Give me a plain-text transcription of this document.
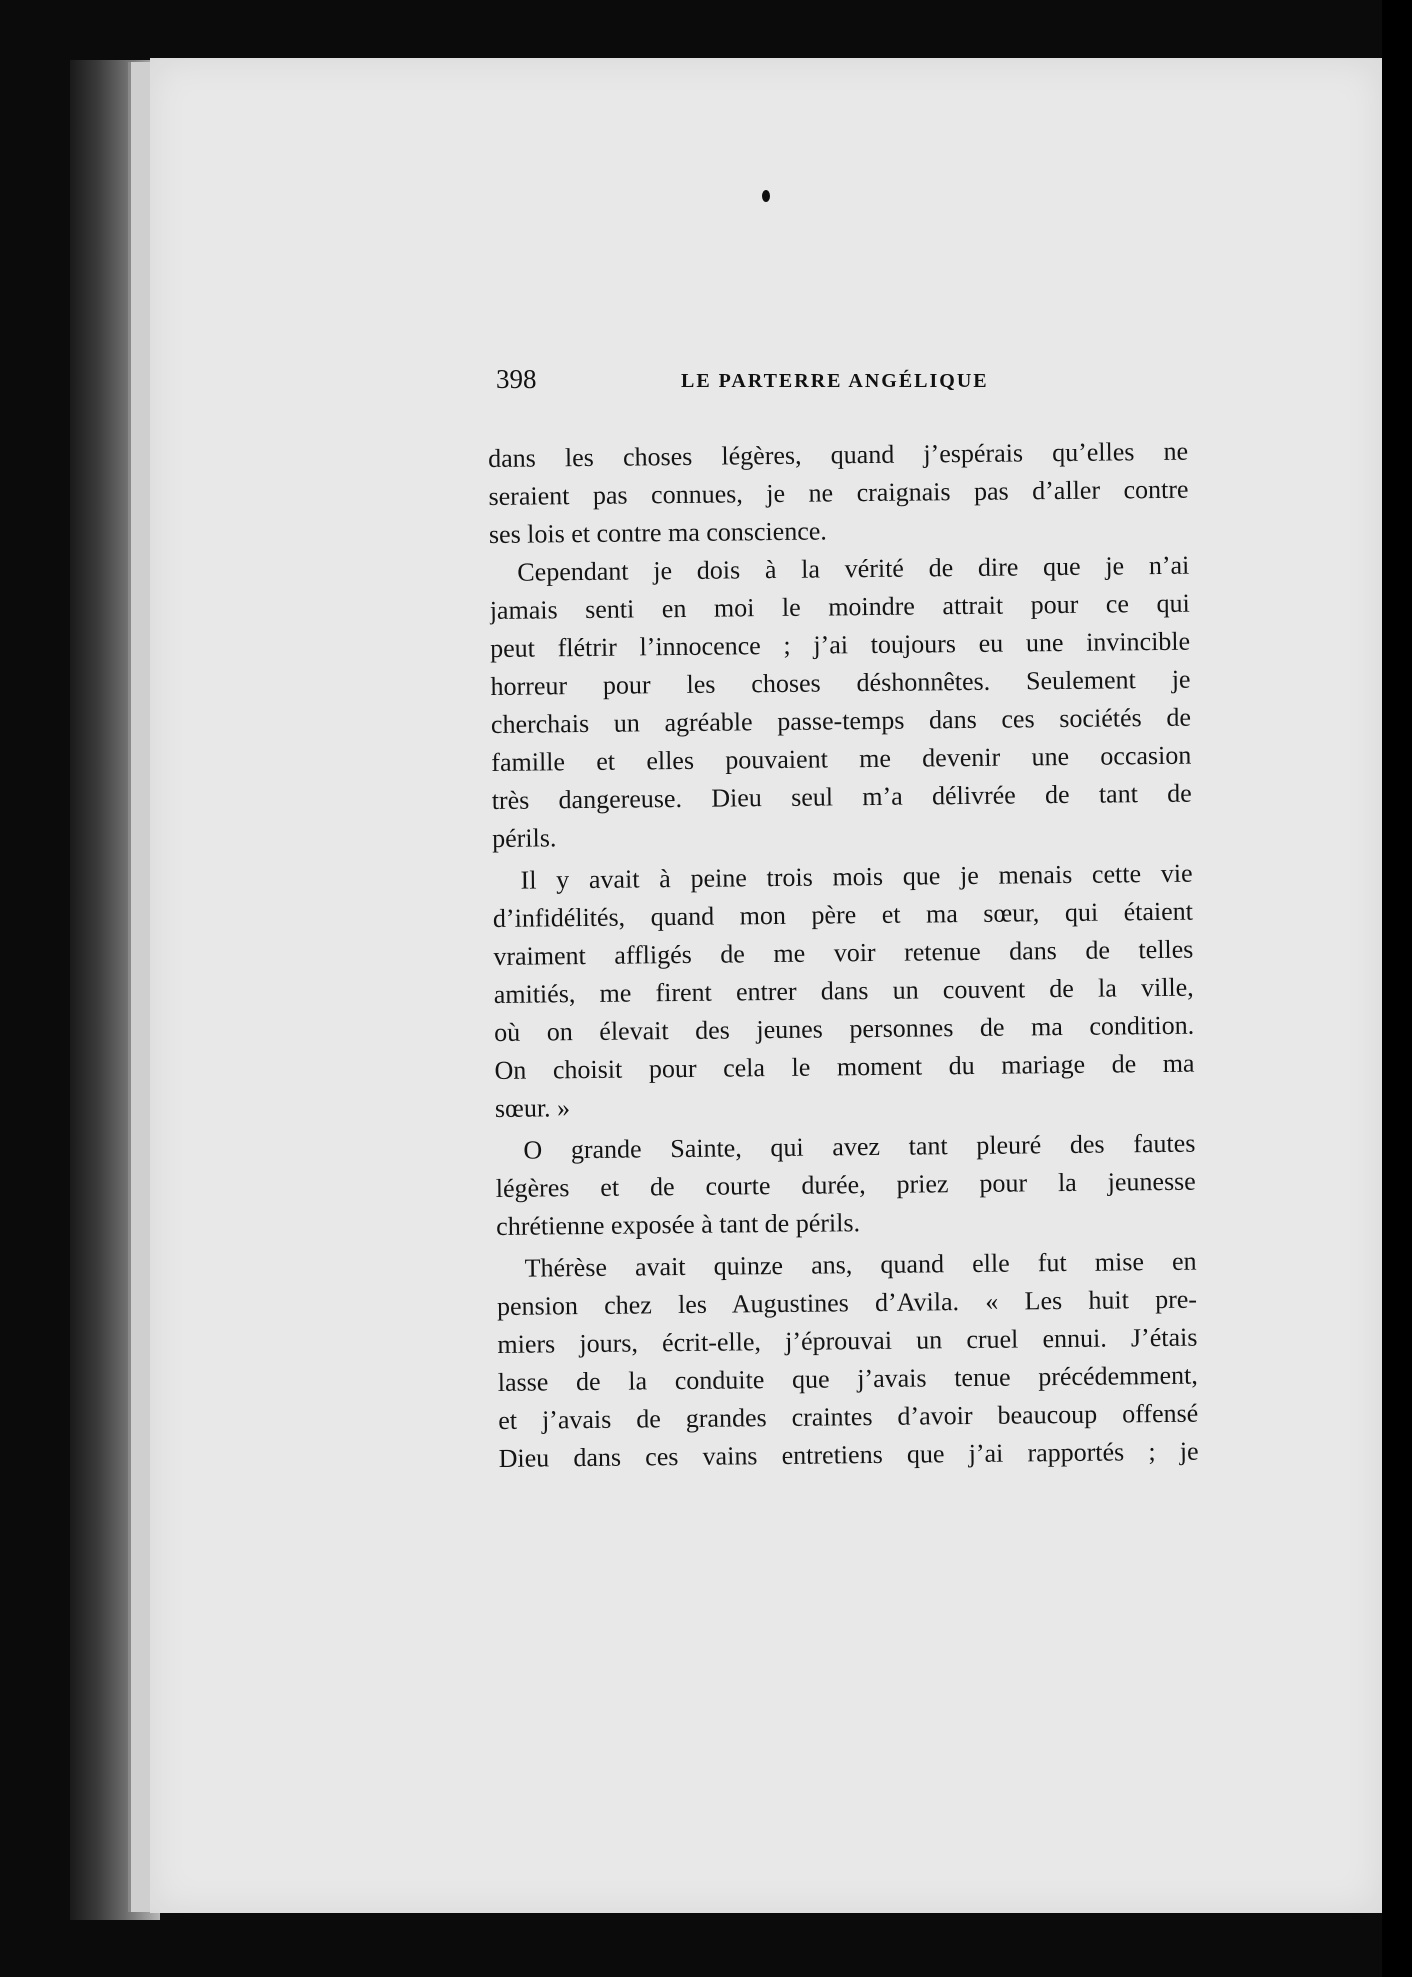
398	LE PARTERRE ANGÉLIQUE
dans les choses légères, quand j’espérais qu’elles ne
seraient pas connues, je ne craignais pas d’aller contre
ses lois et contre ma conscience.
Cependant je dois à la vérité de dire que je n’ai
jamais senti en moi le moindre attrait pour ce qui
peut flétrir l’innocence ; j’ai toujours eu une invincible
horreur pour les choses déshonnêtes. Seulement je
cherchais un agréable passe-temps dans ces sociétés de
famille et elles pouvaient me devenir une occasion
très dangereuse. Dieu seul m’a délivrée de tant de
périls.
Il y avait à peine trois mois que je menais cette vie
d’infidélités, quand mon père et ma sœur, qui étaient
vraiment affligés de me voir retenue dans de telles
amitiés, me firent entrer dans un couvent de la ville,
où on élevait des jeunes personnes de ma condition.
On choisit pour cela le moment du mariage de ma
sœur. »
O grande Sainte, qui avez tant pleuré des fautes
légères et de courte durée, priez pour la jeunesse
chrétienne exposée à tant de périls.
Thérèse avait quinze ans, quand elle fut mise en
pension chez les Augustines d’Avila. « Les huit pre-
miers jours, écrit-elle, j’éprouvai un cruel ennui. J’étais
lasse de la conduite que j’avais tenue précédemment,
et j’avais de grandes craintes d’avoir beaucoup offensé
Dieu dans ces vains entretiens que j’ai rapportés ; je
